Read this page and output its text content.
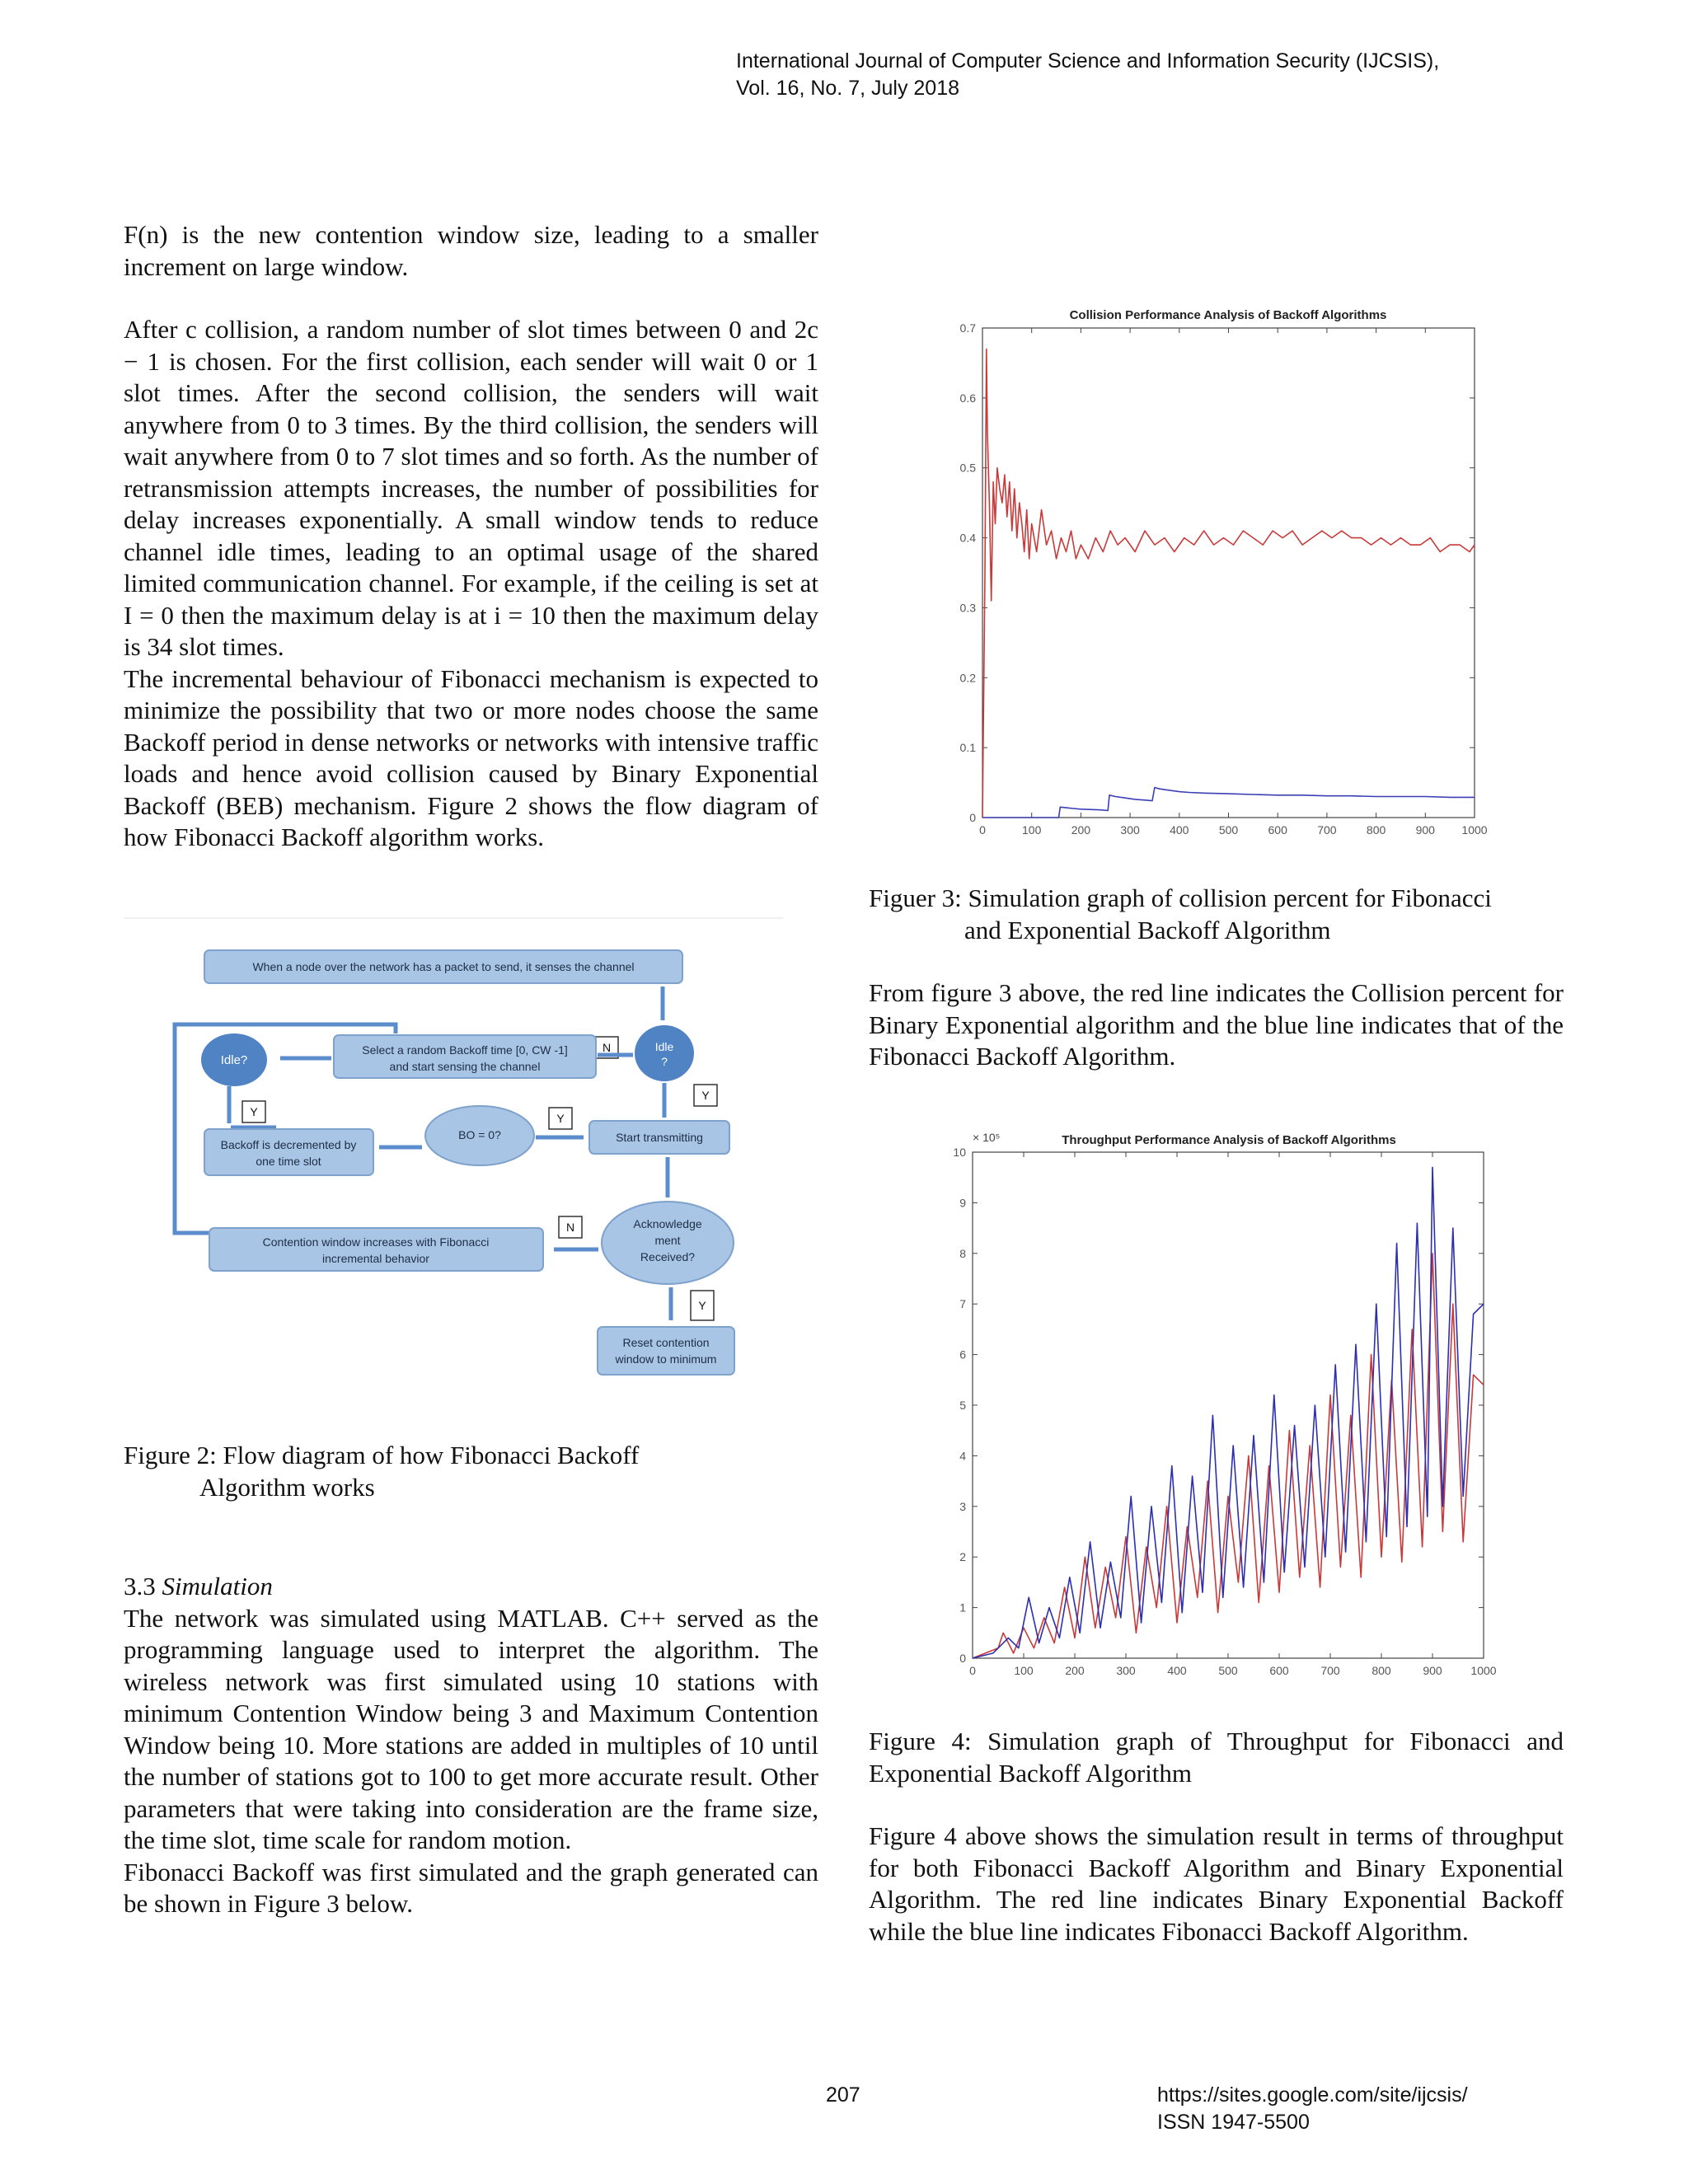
International Journal of Computer Science and Information Security (IJCSIS),
Vol. 16, No. 7, July 2018

F(n) is the new contention window size, leading to a smaller increment on large window.

After c collision, a random number of slot times between 0 and 2c − 1 is chosen. For the first collision, each sender will wait 0 or 1 slot times. After the second collision, the senders will wait anywhere from 0 to 3 times. By the third collision, the senders will wait anywhere from 0 to 7 slot times and so forth. As the number of retransmission attempts increases, the number of possibilities for delay increases exponentially. A small window tends to reduce channel idle times, leading to an optimal usage of the shared limited communication channel. For example, if the ceiling is set at I = 0 then the maximum delay is at i = 10 then the maximum delay is 34 slot times.

The incremental behaviour of Fibonacci mechanism is expected to minimize the possibility that two or more nodes choose the same Backoff period in dense networks or networks with intensive traffic loads and hence avoid collision caused by Binary Exponential Backoff (BEB) mechanism. Figure 2 shows the flow diagram of how Fibonacci Backoff algorithm works.

When a node over the network has a packet to send, it senses the channel
Idle
?
N
Select a random Backoff time [0, CW -1]
and start sensing the channel
Idle?
Y
Backoff is decremented by
one time slot
BO = 0?
Y
Y
Start transmitting
Acknowledge
ment
Received?
N
Contention window increases with Fibonacci
incremental behavior
Y
Reset contention
window to minimum
Figure 2: Flow diagram of how Fibonacci Backoff
Algorithm works

3.3 Simulation

The network was simulated using MATLAB. C++ served as the programming language used to interpret the algorithm. The wireless network was first simulated using 10 stations with minimum Contention Window being 3 and Maximum Contention Window being 10. More stations are added in multiples of 10 until the number of stations got to 100 to get more accurate result. Other parameters that were taking into consideration are the frame size, the time slot, time scale for random motion.

Fibonacci Backoff was first simulated and the graph generated can be shown in Figure 3 below.

Collision Performance Analysis of Backoff Algorithms
0
0.1
0.2
0.3
0.4
0.5
0.6
0.7
0	100	200	300	400	500	600	700	800	900 1000
Figuer 3: Simulation graph of collision percent for Fibonacci
and Exponential Backoff Algorithm

From figure 3 above, the red line indicates the Collision percent for Binary Exponential algorithm and the blue line indicates that of the Fibonacci Backoff Algorithm.

Throughput Performance Analysis of Backoff Algorithms
× 10⁵
0
1
2
3
4
5
6
7
8
9
10
0	100	200	300	400	500	600	700	800	900 1000

Figure 4: Simulation graph of Throughput for Fibonacci and Exponential Backoff Algorithm

Figure 4 above shows the simulation result in terms of throughput for both Fibonacci Backoff Algorithm and Binary Exponential Algorithm. The red line indicates Binary Exponential Backoff while the blue line indicates Fibonacci Backoff Algorithm.

207	https://sites.google.com/site/ijcsis/
ISSN 1947-5500
